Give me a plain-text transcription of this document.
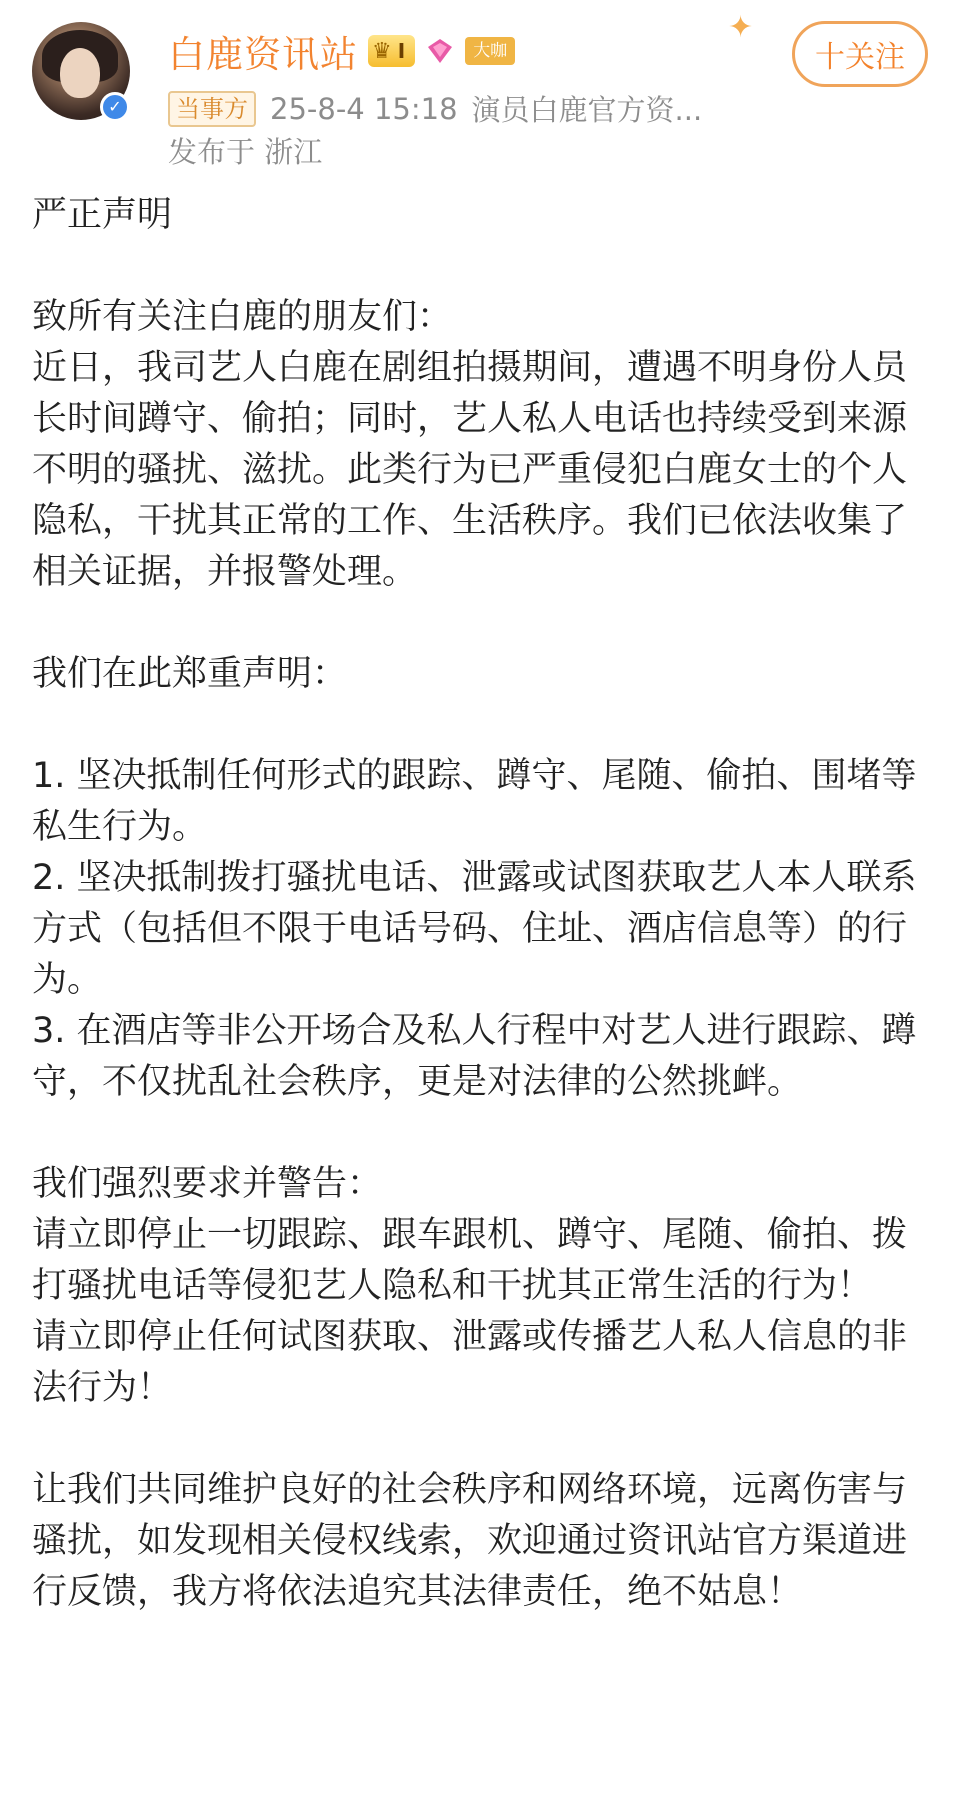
✓
白鹿资讯站 ♛ I	大咖
✦
十关注
当事方 25-8-4 15:18 演员白鹿官方资...
发布于 浙江

严正声明

致所有关注白鹿的朋友们：

近日，我司艺人白鹿在剧组拍摄期间，遭遇不明身份人员长时间蹲守、偷拍；同时，艺人私人电话也持续受到来源不明的骚扰、滋扰。此类行为已严重侵犯白鹿女士的个人隐私，干扰其正常的工作、生活秩序。我们已依法收集了相关证据，并报警处理。

我们在此郑重声明：

1. 坚决抵制任何形式的跟踪、蹲守、尾随、偷拍、围堵等私生行为。

2. 坚决抵制拨打骚扰电话、泄露或试图获取艺人本人联系方式（包括但不限于电话号码、住址、酒店信息等）的行为。

3. 在酒店等非公开场合及私人行程中对艺人进行跟踪、蹲守，不仅扰乱社会秩序，更是对法律的公然挑衅。

我们强烈要求并警告：

请立即停止一切跟踪、跟车跟机、蹲守、尾随、偷拍、拨打骚扰电话等侵犯艺人隐私和干扰其正常生活的行为！

请立即停止任何试图获取、泄露或传播艺人私人信息的非法行为！

让我们共同维护良好的社会秩序和网络环境，远离伤害与骚扰，如发现相关侵权线索，欢迎通过资讯站官方渠道进行反馈，我方将依法追究其法律责任，绝不姑息！
